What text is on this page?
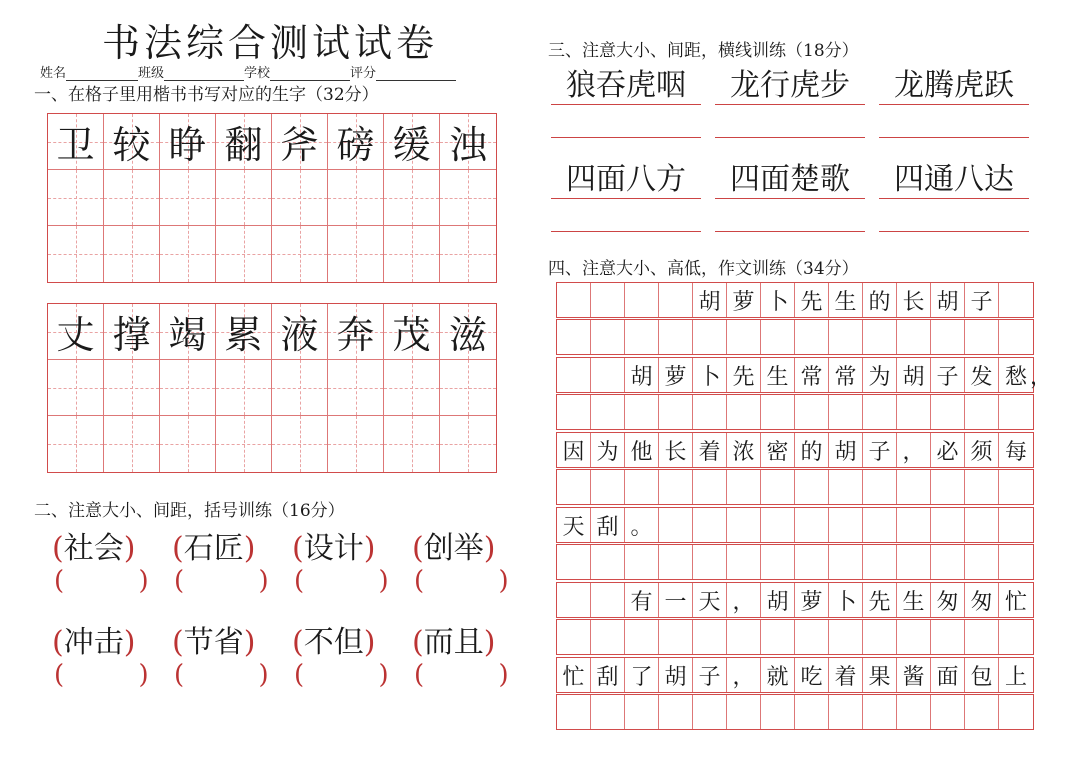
书法综合测试试卷
姓名	班级	学校	评分
一、在格子里用楷书书写对应的生字（32分）
卫 较 睁 翻 斧 磅 缓 浊
丈 撑 竭 累 液 奔 茂 滋
二、注意大小、间距，括号训练（16分）
(社会)
(         )
(石匠)
(         )
(设计)
(         )
(创举)
(         )
(冲击)
(         )
(节省)
(         )
(不但)
(         )
(而且)
(         )
三、注意大小、间距，横线训练（18分）
狼吞虎咽	龙行虎步	龙腾虎跃
四面八方	四面楚歌	四通八达
四、注意大小、高低，作文训练（34分）
胡 萝 卜 先 生 的 长 胡 子
胡 萝 卜 先 生 常 常 为 胡 子 发 愁
因 为 他 长 着 浓 密 的 胡 子 ， 必 须 每
天 刮 。
有 一 天 ， 胡 萝 卜 先 生 匆 匆 忙
忙 刮 了 胡 子 ， 就 吃 着 果 酱 面 包 上
，
